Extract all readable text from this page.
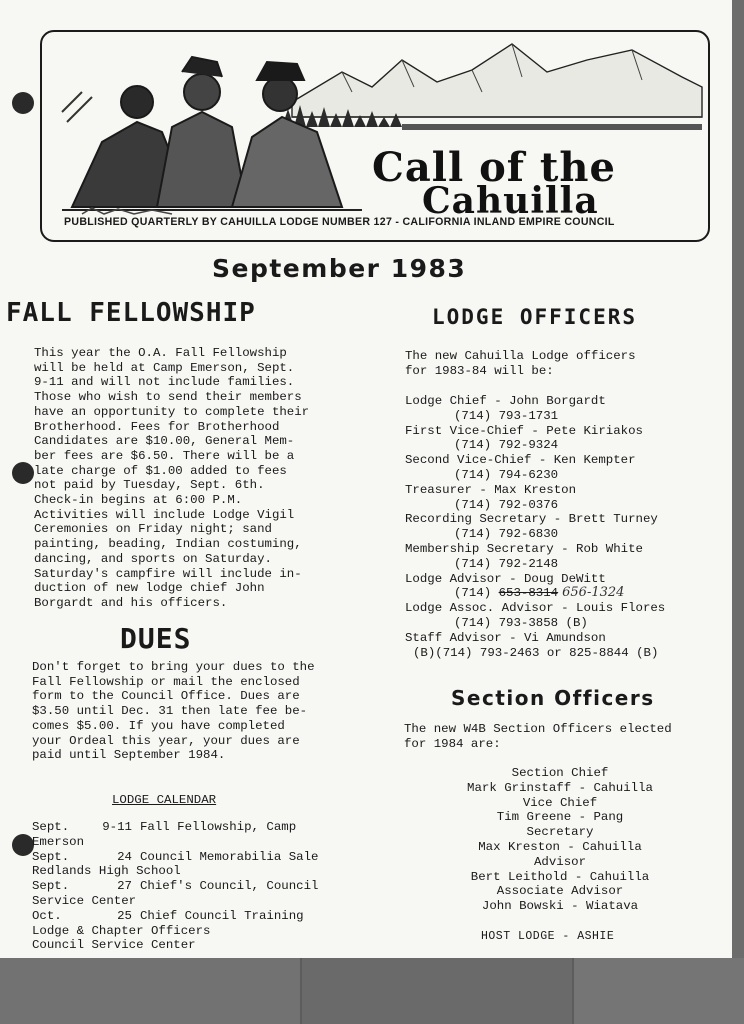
Call of the
Cahuilla
PUBLISHED QUARTERLY BY CAHUILLA LODGE NUMBER 127 - CALIFORNIA INLAND EMPIRE COUNCIL
September 1983
FALL FELLOWSHIP
This year the O.A. Fall Fellowship
will be held at Camp Emerson, Sept.
9-11 and will not include families.
Those who wish to send their members
have an opportunity to complete their
Brotherhood. Fees for Brotherhood
Candidates are $10.00, General Mem-
ber fees are $6.50. There will be a
late charge of $1.00 added to fees
not paid by Tuesday, Sept. 6th.
Check-in begins at 6:00 P.M.
Activities will include Lodge Vigil
Ceremonies on Friday night; sand
painting, beading, Indian costuming,
dancing, and sports on Saturday.
Saturday's campfire will include in-
duction of new lodge chief John
Borgardt and his officers.
DUES
Don't forget to bring your dues to the
Fall Fellowship or mail the enclosed
form to the Council Office. Dues are
$3.50 until Dec. 31 then late fee be-
comes $5.00. If you have completed
your Ordeal this year, your dues are
paid until September 1984.
LODGE CALENDAR
Sept.	9-11 Fall Fellowship, Camp
Emerson
Sept.	24 Council Memorabilia Sale
Redlands High School
Sept.	27 Chief's Council, Council
Service Center
Oct.	25 Chief Council Training
Lodge & Chapter Officers
Council Service Center
LODGE OFFICERS
The new Cahuilla Lodge officers
for 1983-84 will be:
Lodge Chief - John Borgardt
(714) 793-1731
First Vice-Chief - Pete Kiriakos
(714) 792-9324
Second Vice-Chief - Ken Kempter
(714) 794-6230
Treasurer - Max Kreston
(714) 792-0376
Recording Secretary - Brett Turney
(714) 792-6830
Membership Secretary - Rob White
(714) 792-2148
Lodge Advisor - Doug DeWitt
(714) 653-8314 656-1324
Lodge Assoc. Advisor - Louis Flores
(714) 793-3858 (B)
Staff Advisor - Vi Amundson
(B)(714) 793-2463 or 825-8844 (B)
Section Officers
The new W4B Section Officers elected
for 1984 are:
Section Chief
Mark Grinstaff - Cahuilla
Vice Chief
Tim Greene - Pang
Secretary
Max Kreston - Cahuilla
Advisor
Bert Leithold - Cahuilla
Associate Advisor
John Bowski - Wiatava
HOST LODGE - ASHIE
